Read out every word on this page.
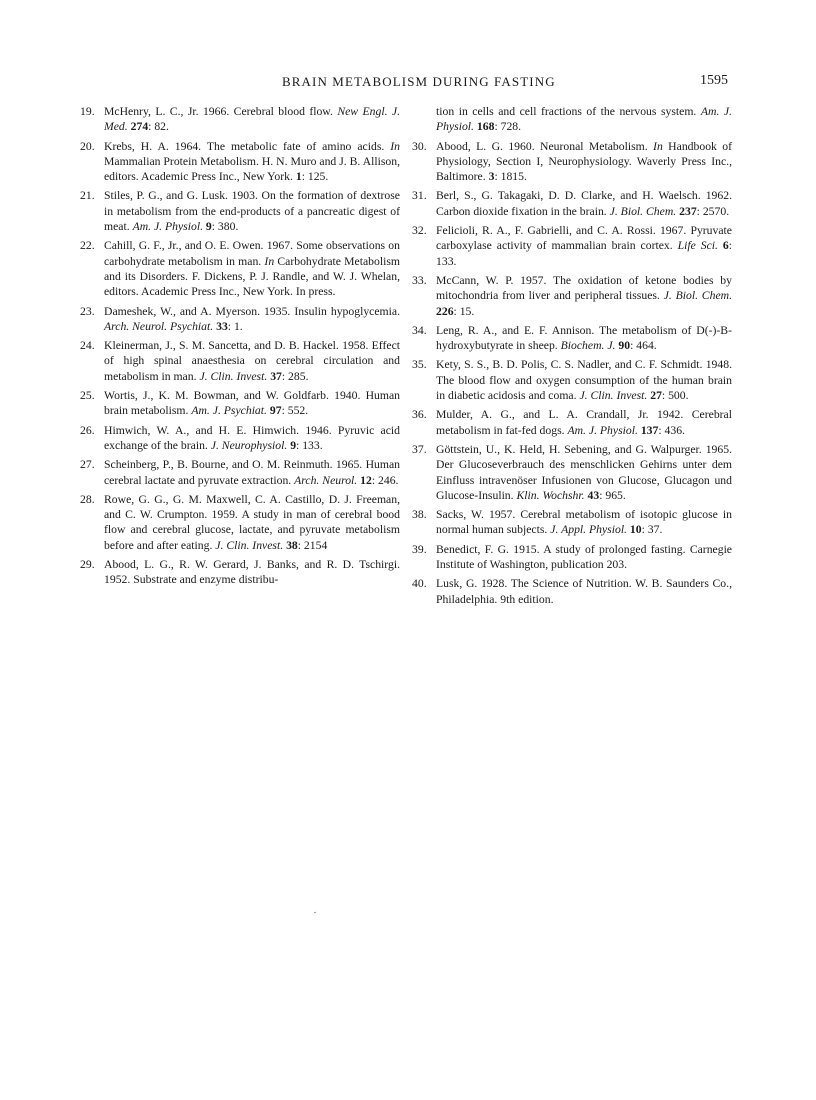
BRAIN METABOLISM DURING FASTING	1595
19. McHenry, L. C., Jr. 1966. Cerebral blood flow. New Engl. J. Med. 274: 82.
20. Krebs, H. A. 1964. The metabolic fate of amino acids. In Mammalian Protein Metabolism. H. N. Muro and J. B. Allison, editors. Academic Press Inc., New York. 1: 125.
21. Stiles, P. G., and G. Lusk. 1903. On the formation of dextrose in metabolism from the end-products of a pancreatic digest of meat. Am. J. Physiol. 9: 380.
22. Cahill, G. F., Jr., and O. E. Owen. 1967. Some observations on carbohydrate metabolism in man. In Carbohydrate Metabolism and its Disorders. F. Dickens, P. J. Randle, and W. J. Whelan, editors. Academic Press Inc., New York. In press.
23. Dameshek, W., and A. Myerson. 1935. Insulin hypoglycemia. Arch. Neurol. Psychiat. 33: 1.
24. Kleinerman, J., S. M. Sancetta, and D. B. Hackel. 1958. Effect of high spinal anaesthesia on cerebral circulation and metabolism in man. J. Clin. Invest. 37: 285.
25. Wortis, J., K. M. Bowman, and W. Goldfarb. 1940. Human brain metabolism. Am. J. Psychiat. 97: 552.
26. Himwich, W. A., and H. E. Himwich. 1946. Pyruvic acid exchange of the brain. J. Neurophysiol. 9: 133.
27. Scheinberg, P., B. Bourne, and O. M. Reinmuth. 1965. Human cerebral lactate and pyruvate extraction. Arch. Neurol. 12: 246.
28. Rowe, G. G., G. M. Maxwell, C. A. Castillo, D. J. Freeman, and C. W. Crumpton. 1959. A study in man of cerebral bood flow and cerebral glucose, lactate, and pyruvate metabolism before and after eating. J. Clin. Invest. 38: 2154
29. Abood, L. G., R. W. Gerard, J. Banks, and R. D. Tschirgi. 1952. Substrate and enzyme distribu-
tion in cells and cell fractions of the nervous system. Am. J. Physiol. 168: 728.
30. Abood, L. G. 1960. Neuronal Metabolism. In Handbook of Physiology, Section I, Neurophysiology. Waverly Press Inc., Baltimore. 3: 1815.
31. Berl, S., G. Takagaki, D. D. Clarke, and H. Waelsch. 1962. Carbon dioxide fixation in the brain. J. Biol. Chem. 237: 2570.
32. Felicioli, R. A., F. Gabrielli, and C. A. Rossi. 1967. Pyruvate carboxylase activity of mammalian brain cortex. Life Sci. 6: 133.
33. McCann, W. P. 1957. The oxidation of ketone bodies by mitochondria from liver and peripheral tissues. J. Biol. Chem. 226: 15.
34. Leng, R. A., and E. F. Annison. The metabolism of D(-)-B-hydroxybutyrate in sheep. Biochem. J. 90: 464.
35. Kety, S. S., B. D. Polis, C. S. Nadler, and C. F. Schmidt. 1948. The blood flow and oxygen consumption of the human brain in diabetic acidosis and coma. J. Clin. Invest. 27: 500.
36. Mulder, A. G., and L. A. Crandall, Jr. 1942. Cerebral metabolism in fat-fed dogs. Am. J. Physiol. 137: 436.
37. Göttstein, U., K. Held, H. Sebening, and G. Walpurger. 1965. Der Glucoseverbrauch des menschlicken Gehirns unter dem Einfluss intravenöser Infusionen von Glucose, Glucagon und Glucose-Insulin. Klin. Wochshr. 43: 965.
38. Sacks, W. 1957. Cerebral metabolism of isotopic glucose in normal human subjects. J. Appl. Physiol. 10: 37.
39. Benedict, F. G. 1915. A study of prolonged fasting. Carnegie Institute of Washington, publication 203.
40. Lusk, G. 1928. The Science of Nutrition. W. B. Saunders Co., Philadelphia. 9th edition.
